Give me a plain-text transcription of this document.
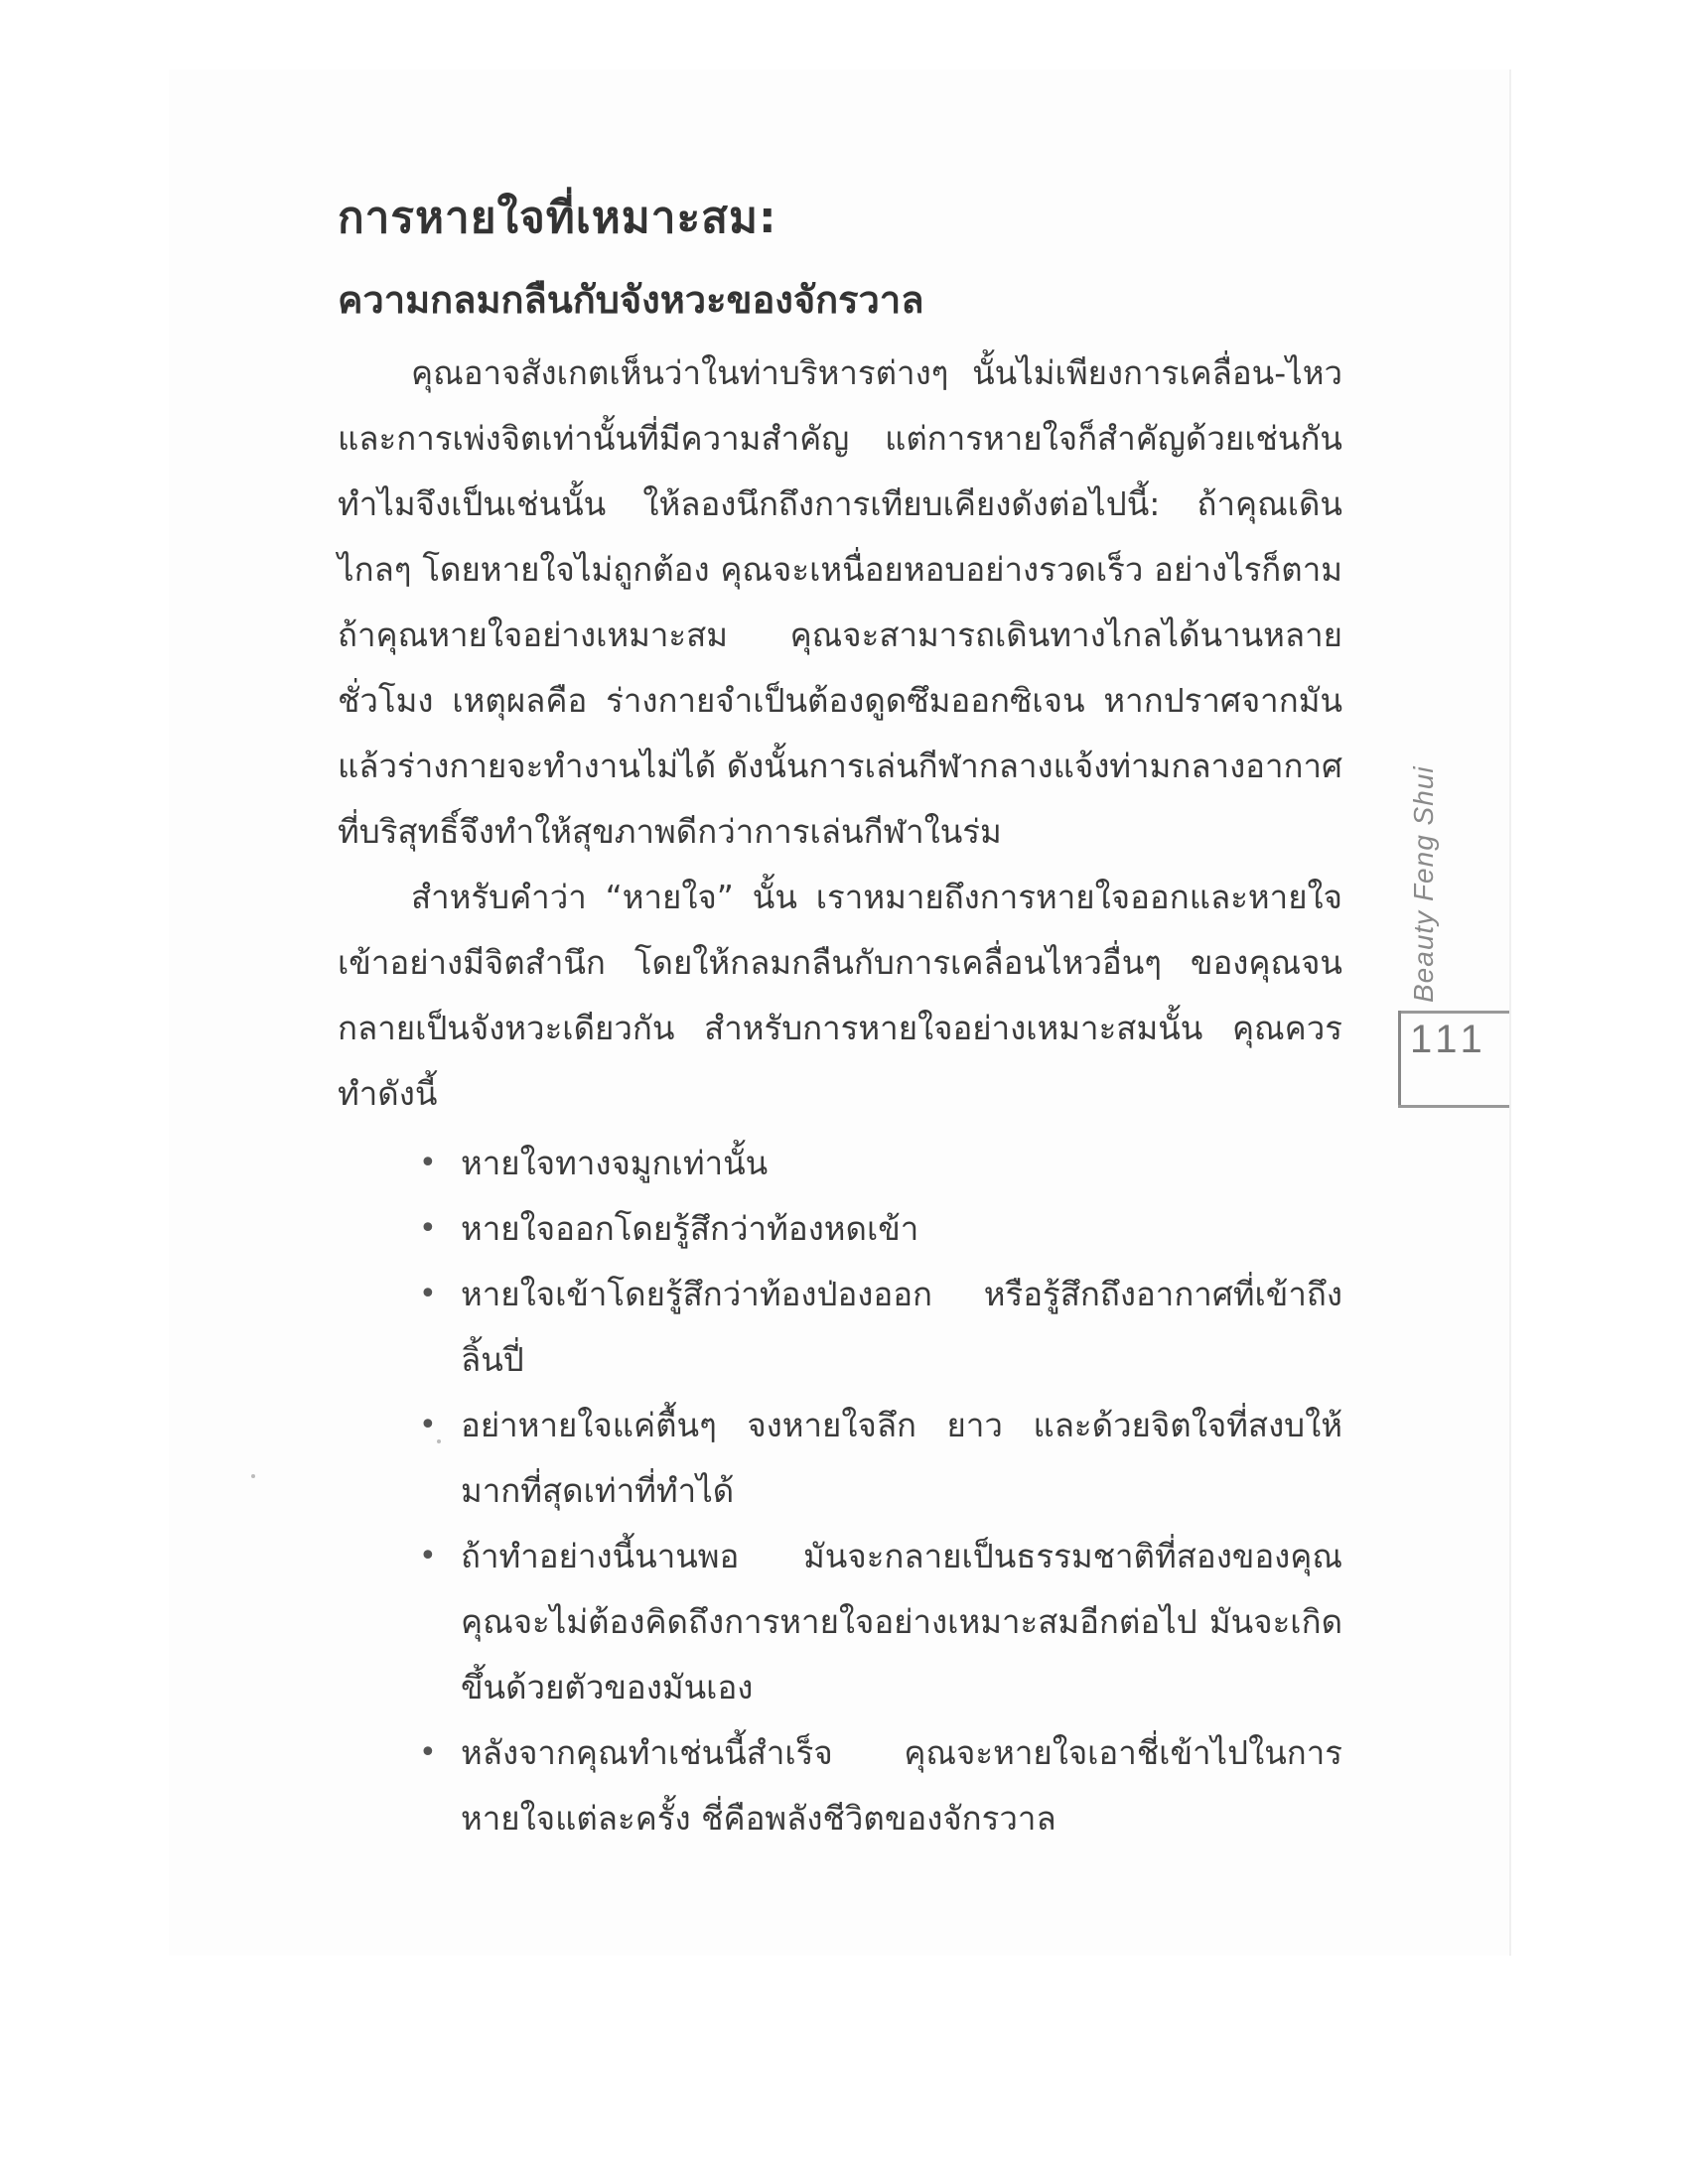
การหายใจที่เหมาะสม:
ความกลมกลืนกับจังหวะของจักรวาล

คุณอาจสังเกตเห็นว่าในท่าบริหารต่างๆ นั้นไม่เพียงการเคลื่อน-ไหวและการเพ่งจิตเท่านั้นที่มีความสำคัญ แต่การหายใจก็สำคัญด้วยเช่นกัน ทำไมจึงเป็นเช่นนั้น ให้ลองนึกถึงการเทียบเคียงดังต่อไปนี้: ถ้าคุณเดินไกลๆ โดยหายใจไม่ถูกต้อง คุณจะเหนื่อยหอบอย่างรวดเร็ว อย่างไรก็ตาม ถ้าคุณหายใจอย่างเหมาะสม คุณจะสามารถเดินทางไกลได้นานหลายชั่วโมง เหตุผลคือ ร่างกายจำเป็นต้องดูดซึมออกซิเจน หากปราศจากมันแล้วร่างกายจะทำงานไม่ได้ ดังนั้นการเล่นกีฬากลางแจ้งท่ามกลางอากาศที่บริสุทธิ์จึงทำให้สุขภาพดีกว่าการเล่นกีฬาในร่ม

สำหรับคำว่า “หายใจ” นั้น เราหมายถึงการหายใจออกและหายใจเข้าอย่างมีจิตสำนึก โดยให้กลมกลืนกับการเคลื่อนไหวอื่นๆ ของคุณจนกลายเป็นจังหวะเดียวกัน สำหรับการหายใจอย่างเหมาะสมนั้น คุณควรทำดังนี้

• หายใจทางจมูกเท่านั้น
• หายใจออกโดยรู้สึกว่าท้องหดเข้า
• หายใจเข้าโดยรู้สึกว่าท้องป่องออก หรือรู้สึกถึงอากาศที่เข้าถึงลิ้นปี่
• อย่าหายใจแค่ตื้นๆ จงหายใจลึก ยาว และด้วยจิตใจที่สงบให้มากที่สุดเท่าที่ทำได้
• ถ้าทำอย่างนี้นานพอ มันจะกลายเป็นธรรมชาติที่สองของคุณ คุณจะไม่ต้องคิดถึงการหายใจอย่างเหมาะสมอีกต่อไป มันจะเกิดขึ้นด้วยตัวของมันเอง
• หลังจากคุณทำเช่นนี้สำเร็จ คุณจะหายใจเอาชี่เข้าไปในการหายใจแต่ละครั้ง ชี่คือพลังชีวิตของจักรวาล
Beauty Feng Shui
111
